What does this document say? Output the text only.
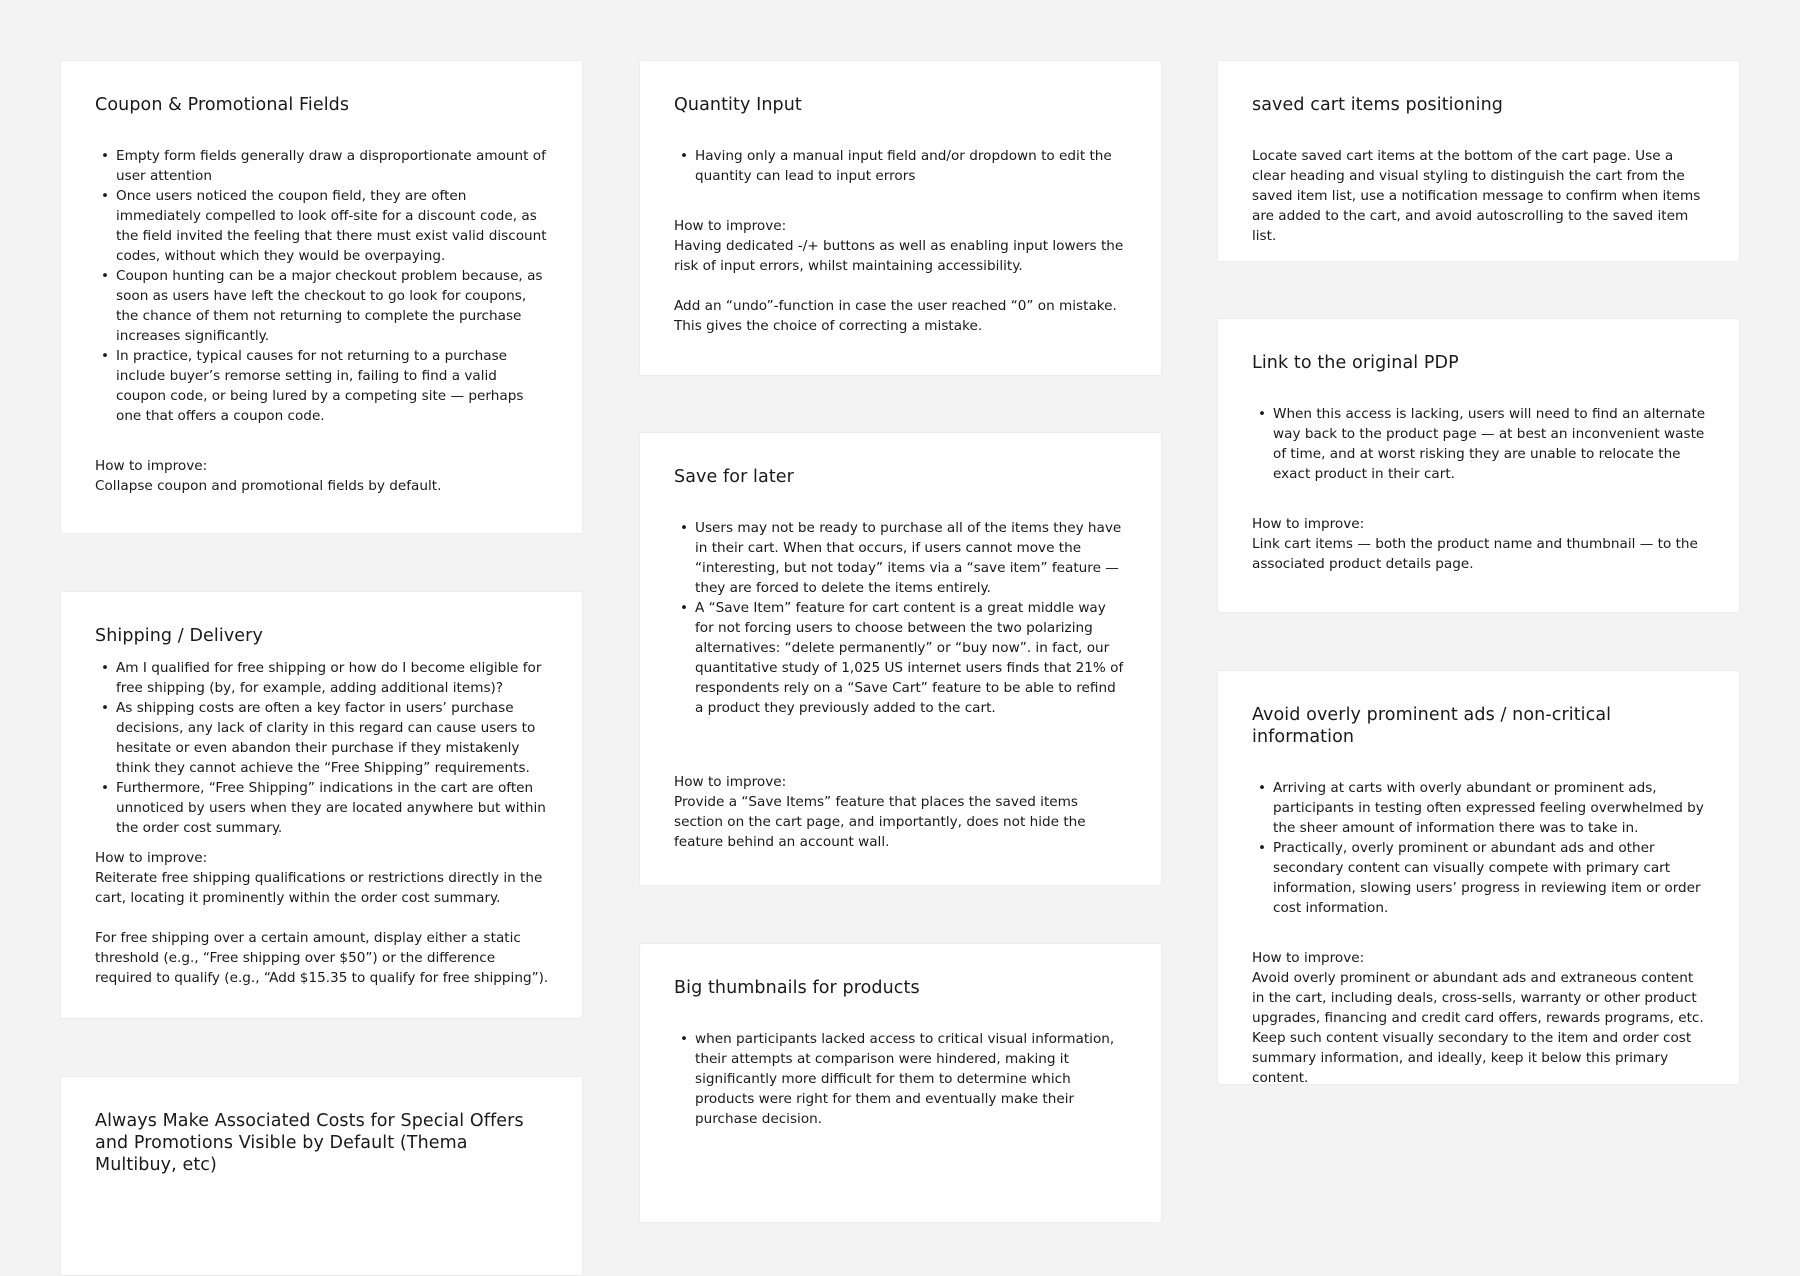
Coupon & Promotional Fields
• Empty form fields generally draw a disproportionate amount of user attention
• Once users noticed the coupon field, they are often immediately compelled to look off-site for a discount code, as the field invited the feeling that there must exist valid discount codes, without which they would be overpaying.
• Coupon hunting can be a major checkout problem because, as soon as users have left the checkout to go look for coupons, the chance of them not returning to complete the purchase increases significantly.
• In practice, typical causes for not returning to a purchase include buyer’s remorse setting in, failing to find a valid coupon code, or being lured by a competing site — perhaps one that offers a coupon code.

How to improve:

Collapse coupon and promotional fields by default.

Shipping / Delivery
• Am I qualified for free shipping or how do I become eligible for free shipping (by, for example, adding additional items)?
• As shipping costs are often a key factor in users’ purchase decisions, any lack of clarity in this regard can cause users to hesitate or even abandon their purchase if they mistakenly think they cannot achieve the “Free Shipping” requirements.
• Furthermore, “Free Shipping” indications in the cart are often unnoticed by users when they are located anywhere but within the order cost summary.

How to improve:

Reiterate free shipping qualifications or restrictions directly in the cart, locating it prominently within the order cost summary.

For free shipping over a certain amount, display either a static threshold (e.g., “Free shipping over $50”) or the difference required to qualify (e.g., “Add $15.35 to qualify for free shipping”).

Always Make Associated Costs for Special Offers and Promotions Visible by Default (Thema Multibuy, etc)
Quantity Input
• Having only a manual input field and/or dropdown to edit the quantity can lead to input errors

How to improve:

Having dedicated -/+ buttons as well as enabling input lowers the risk of input errors, whilst maintaining accessibility.

Add an “undo”-function in case the user reached “0” on mistake. This gives the choice of correcting a mistake.

Save for later
• Users may not be ready to purchase all of the items they have in their cart. When that occurs, if users cannot move the “interesting, but not today” items via a “save item” feature — they are forced to delete the items entirely.
• A “Save Item” feature for cart content is a great middle way for not forcing users to choose between the two polarizing alternatives: “delete permanently” or “buy now”. in fact, our quantitative study of 1,025 US internet users finds that 21% of respondents rely on a “Save Cart” feature to be able to refind a product they previously added to the cart.

How to improve:

Provide a “Save Items” feature that places the saved items section on the cart page, and importantly, does not hide the feature behind an account wall.

Big thumbnails for products
• when participants lacked access to critical visual information, their attempts at comparison were hindered, making it significantly more difficult for them to determine which products were right for them and eventually make their purchase decision.
saved cart items positioning

Locate saved cart items at the bottom of the cart page. Use a clear heading and visual styling to distinguish the cart from the saved item list, use a notification message to confirm when items are added to the cart, and avoid autoscrolling to the saved item list.

Link to the original PDP
• When this access is lacking, users will need to find an alternate way back to the product page — at best an inconvenient waste of time, and at worst risking they are unable to relocate the exact product in their cart.

How to improve:

Link cart items — both the product name and thumbnail — to the associated product details page.

Avoid overly prominent ads / non-critical information
• Arriving at carts with overly abundant or prominent ads, participants in testing often expressed feeling overwhelmed by the sheer amount of information there was to take in.
• Practically, overly prominent or abundant ads and other secondary content can visually compete with primary cart information, slowing users’ progress in reviewing item or order cost information.

How to improve:

Avoid overly prominent or abundant ads and extraneous content in the cart, including deals, cross-sells, warranty or other product upgrades, financing and credit card offers, rewards programs, etc. Keep such content visually secondary to the item and order cost summary information, and ideally, keep it below this primary content.
